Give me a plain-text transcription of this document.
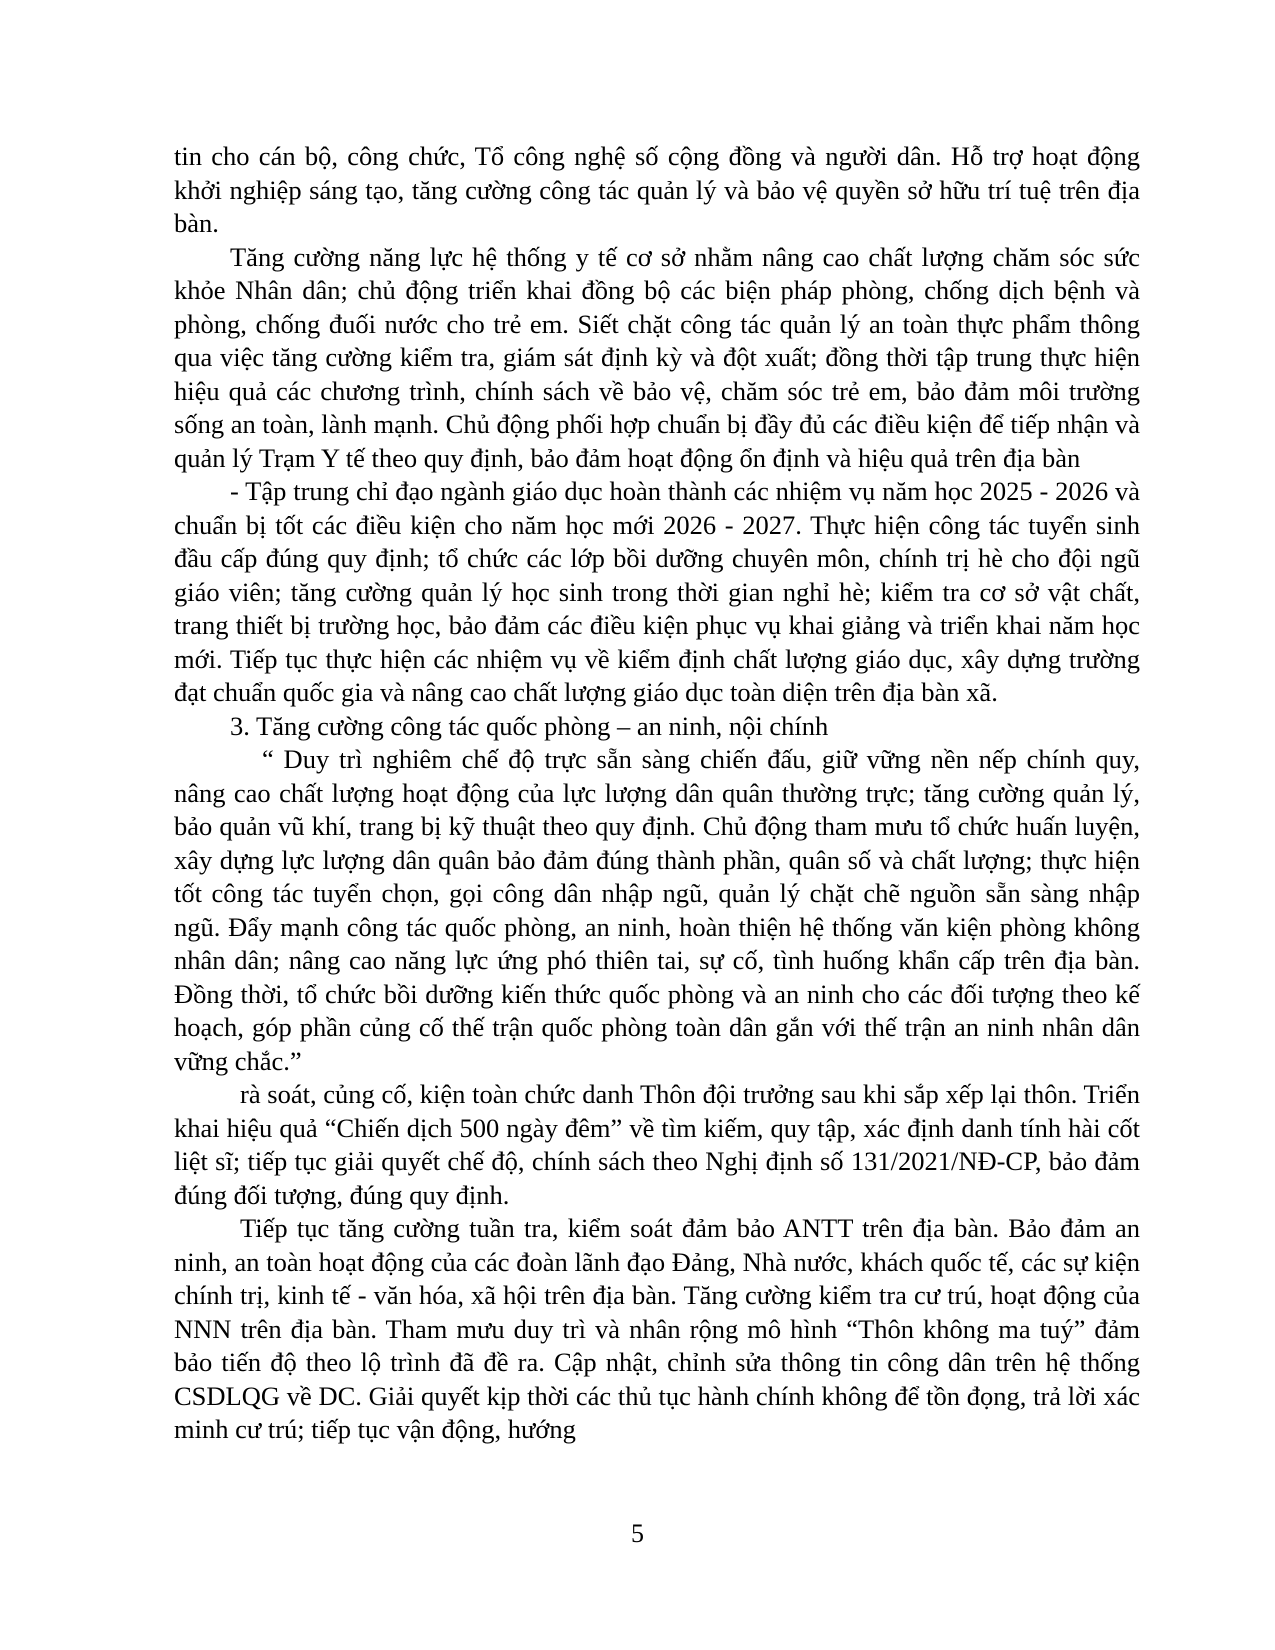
tin cho cán bộ, công chức, Tổ công nghệ số cộng đồng và người dân. Hỗ trợ hoạt động khởi nghiệp sáng tạo, tăng cường công tác quản lý và bảo vệ quyền sở hữu trí tuệ trên địa bàn.

Tăng cường năng lực hệ thống y tế cơ sở nhằm nâng cao chất lượng chăm sóc sức khỏe Nhân dân; chủ động triển khai đồng bộ các biện pháp phòng, chống dịch bệnh và phòng, chống đuối nước cho trẻ em. Siết chặt công tác quản lý an toàn thực phẩm thông qua việc tăng cường kiểm tra, giám sát định kỳ và đột xuất; đồng thời tập trung thực hiện hiệu quả các chương trình, chính sách về bảo vệ, chăm sóc trẻ em, bảo đảm môi trường sống an toàn, lành mạnh. Chủ động phối hợp chuẩn bị đầy đủ các điều kiện để tiếp nhận và quản lý Trạm Y tế theo quy định, bảo đảm hoạt động ổn định và hiệu quả trên địa bàn

- Tập trung chỉ đạo ngành giáo dục hoàn thành các nhiệm vụ năm học 2025 - 2026 và chuẩn bị tốt các điều kiện cho năm học mới 2026 - 2027. Thực hiện công tác tuyển sinh đầu cấp đúng quy định; tổ chức các lớp bồi dưỡng chuyên môn, chính trị hè cho đội ngũ giáo viên; tăng cường quản lý học sinh trong thời gian nghỉ hè; kiểm tra cơ sở vật chất, trang thiết bị trường học, bảo đảm các điều kiện phục vụ khai giảng và triển khai năm học mới. Tiếp tục thực hiện các nhiệm vụ về kiểm định chất lượng giáo dục, xây dựng trường đạt chuẩn quốc gia và nâng cao chất lượng giáo dục toàn diện trên địa bàn xã.

3. Tăng cường công tác quốc phòng – an ninh, nội chính

“ Duy trì nghiêm chế độ trực sẵn sàng chiến đấu, giữ vững nền nếp chính quy, nâng cao chất lượng hoạt động của lực lượng dân quân thường trực; tăng cường quản lý, bảo quản vũ khí, trang bị kỹ thuật theo quy định. Chủ động tham mưu tổ chức huấn luyện, xây dựng lực lượng dân quân bảo đảm đúng thành phần, quân số và chất lượng; thực hiện tốt công tác tuyển chọn, gọi công dân nhập ngũ, quản lý chặt chẽ nguồn sẵn sàng nhập ngũ. Đẩy mạnh công tác quốc phòng, an ninh, hoàn thiện hệ thống văn kiện phòng không nhân dân; nâng cao năng lực ứng phó thiên tai, sự cố, tình huống khẩn cấp trên địa bàn. Đồng thời, tổ chức bồi dưỡng kiến thức quốc phòng và an ninh cho các đối tượng theo kế hoạch, góp phần củng cố thế trận quốc phòng toàn dân gắn với thế trận an ninh nhân dân vững chắc.”

rà soát, củng cố, kiện toàn chức danh Thôn đội trưởng sau khi sắp xếp lại thôn. Triển khai hiệu quả “Chiến dịch 500 ngày đêm” về tìm kiếm, quy tập, xác định danh tính hài cốt liệt sĩ; tiếp tục giải quyết chế độ, chính sách theo Nghị định số 131/2021/NĐ-CP, bảo đảm đúng đối tượng, đúng quy định.

Tiếp tục tăng cường tuần tra, kiểm soát đảm bảo ANTT trên địa bàn. Bảo đảm an ninh, an toàn hoạt động của các đoàn lãnh đạo Đảng, Nhà nước, khách quốc tế, các sự kiện chính trị, kinh tế - văn hóa, xã hội trên địa bàn. Tăng cường kiểm tra cư trú, hoạt động của NNN trên địa bàn. Tham mưu duy trì và nhân rộng mô hình “Thôn không ma tuý” đảm bảo tiến độ theo lộ trình đã đề ra. Cập nhật, chỉnh sửa thông tin công dân trên hệ thống CSDLQG về DC. Giải quyết kịp thời các thủ tục hành chính không để tồn đọng, trả lời xác minh cư trú; tiếp tục vận động, hướng

5
